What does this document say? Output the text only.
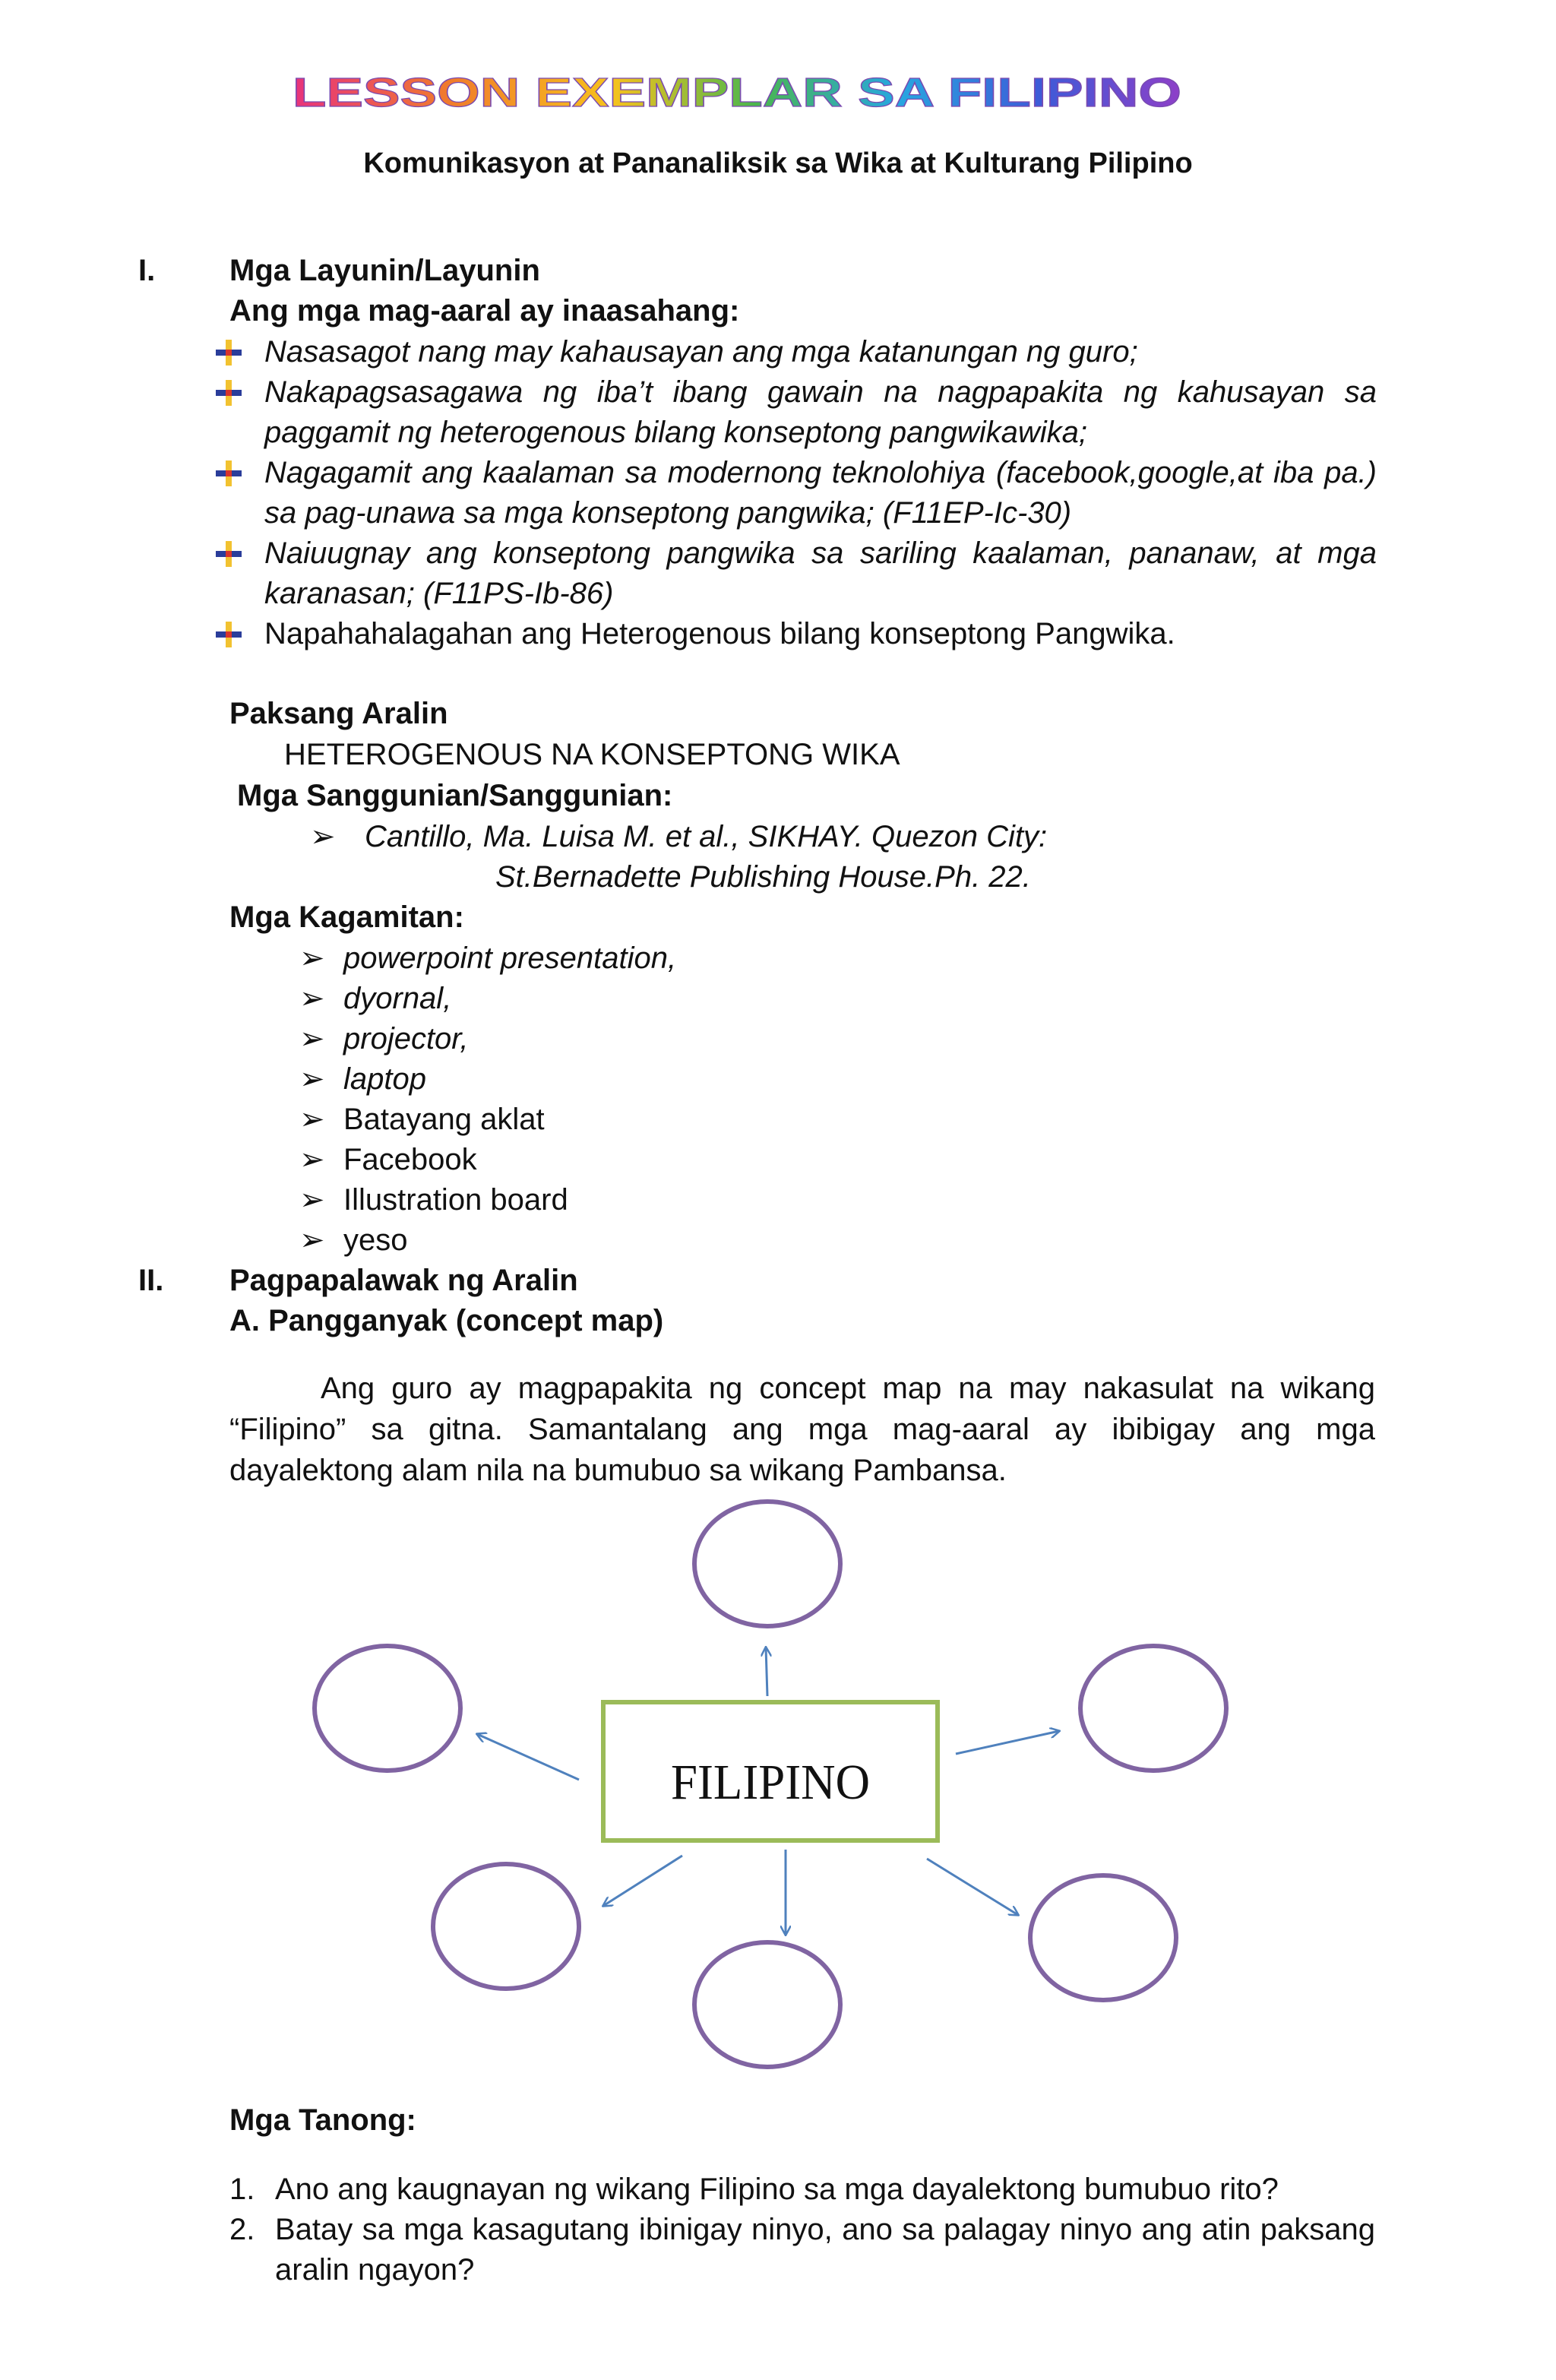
LESSON EXEMPLAR SA FILIPINO
Komunikasyon at Pananaliksik sa Wika at Kulturang Pilipino
I. Mga Layunin/Layunin
Ang mga mag-aaral ay inaasahang:
Nasasagot nang may kahausayan ang mga katanungan ng guro;
Nakapagsasagawa ng iba’t ibang gawain na nagpapakita ng kahusayan sa paggamit ng heterogenous bilang konseptong pangwikawika;
Nagagamit ang kaalaman sa modernong teknolohiya (facebook,google,at iba pa.) sa pag-unawa sa mga konseptong pangwika; (F11EP-Ic-30)
Naiuugnay ang konseptong pangwika sa sariling kaalaman, pananaw, at mga karanasan; (F11PS-Ib-86)
Napahahalagahan ang Heterogenous bilang konseptong Pangwika.
Paksang Aralin
HETEROGENOUS NA KONSEPTONG WIKA
Mga Sanggunian/Sanggunian:
➢ Cantillo, Ma. Luisa M. et al., SIKHAY. Quezon City:
St.Bernadette Publishing House.Ph. 22.
Mga Kagamitan:
➢ powerpoint presentation,
➢ dyornal,
➢ projector,
➢ laptop
➢ Batayang aklat
➢ Facebook
➢ Illustration board
➢ yeso
II. Pagpapalawak ng Aralin
A. Pangganyak (concept map)
Ang guro ay magpapakita ng concept map na may nakasulat na wikang “Filipino” sa gitna. Samantalang ang mga mag-aaral ay ibibigay ang mga dayalektong alam nila na bumubuo sa wikang Pambansa.
FILIPINO
Mga Tanong:
1. Ano ang kaugnayan ng wikang Filipino sa mga dayalektong bumubuo rito?
2. Batay sa mga kasagutang ibinigay ninyo, ano sa palagay ninyo ang atin paksang aralin ngayon?
